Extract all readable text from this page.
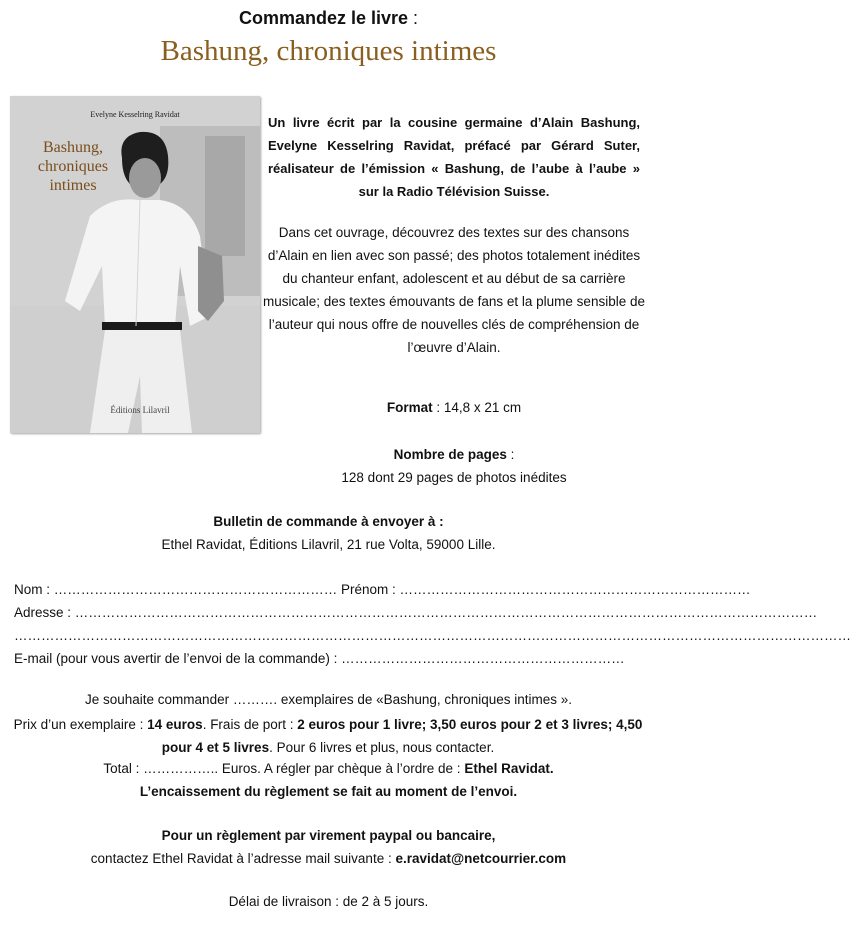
Commandez le livre :
Bashung, chroniques intimes
Evelyne Kesselring Ravidat
Bashung,
chroniques
intimes
Éditions Lilavril
Un livre écrit par la cousine germaine d’Alain Bashung, Evelyne Kesselring Ravidat, préfacé par Gérard Suter, réalisateur de l’émission « Bashung, de l’aube à l’aube » sur la Radio Télévision Suisse.
Dans cet ouvrage, découvrez des textes sur des chansons d’Alain en lien avec son passé; des photos totalement inédites du chanteur enfant, adolescent et au début de sa carrière musicale; des textes émouvants de fans et la plume sensible de l’auteur qui nous offre de nouvelles clés de compréhension de l’œuvre d’Alain.
Format : 14,8 x 21 cm
Nombre de pages :
128 dont 29 pages de photos inédites
Bulletin de commande à envoyer à :
Ethel Ravidat, Éditions Lilavril, 21 rue Volta, 59000 Lille.
Nom : ……………………………………………………… Prénom : ……………………………………………………………………
Adresse : …………………………………………………………………………………………………………………………………………………
……………………………………………………………………………………………………………………………………………………………………
E-mail (pour vous avertir de l’envoi de la commande) : ………………………………………………………
Je souhaite commander ………. exemplaires de «Bashung, chroniques intimes ».
Prix d’un exemplaire : 14 euros. Frais de port : 2 euros pour 1 livre; 3,50 euros pour 2 et 3 livres; 4,50 pour 4 et 5 livres. Pour 6 livres et plus, nous contacter.
Total : …………….. Euros. A régler par chèque à l’ordre de : Ethel Ravidat.
L’encaissement du règlement se fait au moment de l’envoi.
Pour un règlement par virement paypal ou bancaire,
contactez Ethel Ravidat à l’adresse mail suivante : e.ravidat@netcourrier.com
Délai de livraison : de 2 à 5 jours.
